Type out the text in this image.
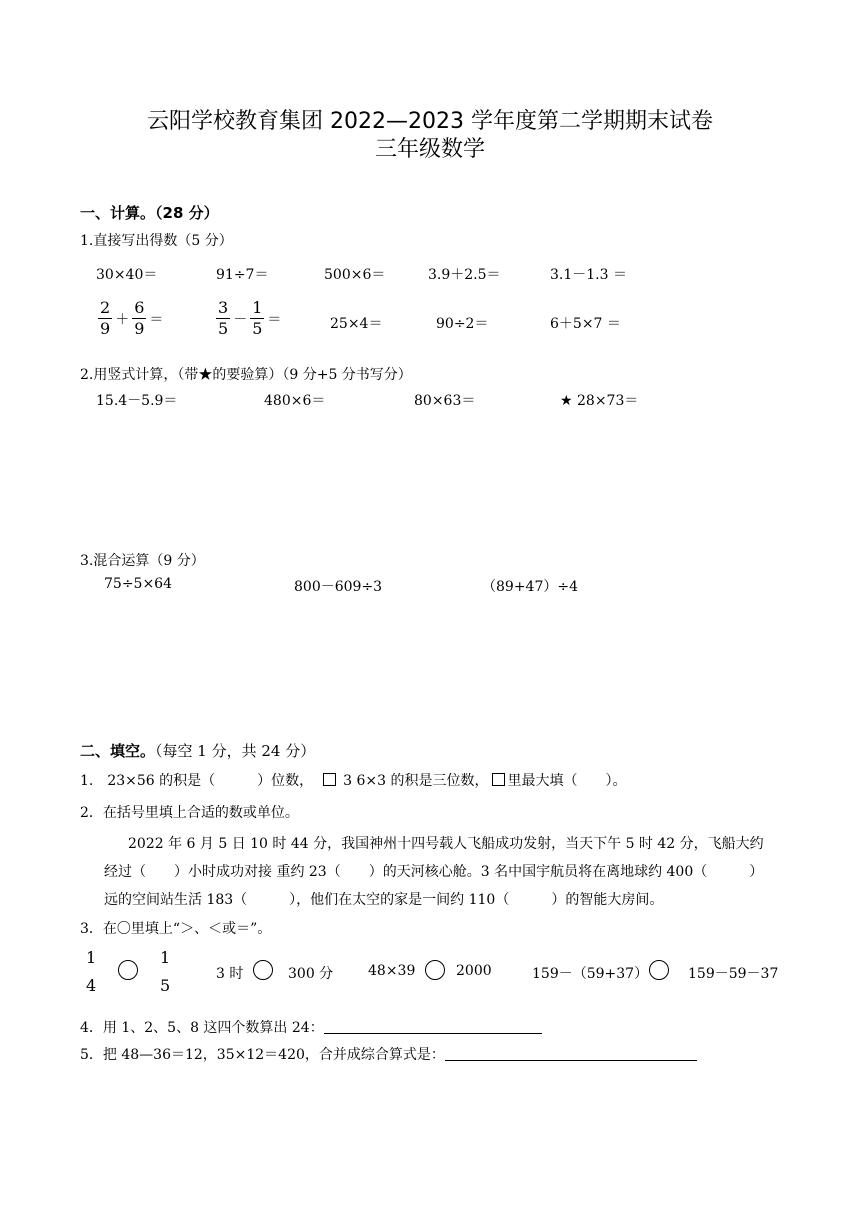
云阳学校教育集团 2022—2023 学年度第二学期期末试卷
三年级数学
一、计算。（28 分）
1.直接写出得数（5 分）
30×40＝	91÷7＝	500×6＝	3.9＋2.5＝	3.1－1.3 ＝
$\frac{2}{9} + \frac{6}{9}$ ＝	$\frac{3}{5} - \frac{1}{5}$ ＝	25×4＝	90÷2＝	6＋5×7 ＝
2.用竖式计算，（带★的要验算）（9 分+5 分书写分）
15.4－5.9＝	480×6＝	80×63＝	★ 28×73＝
3.混合运算（9 分）
75÷5×64	800－609÷3	（89+47）÷4
二、填空。（每空 1 分，共 24 分）
1.　23×56 的积是（　　　）位数， 3 6×3 的积是三位数， 里最大填（　　）。
2．在括号里填上合适的数或单位。
2022 年 6 月 5 日 10 时 44 分，我国神州十四号载人飞船成功发射，当天下午 5 时 42 分，飞船大约
经过（　　）小时成功对接 重约 23（　　）的天河核心舱。3 名中国宇航员将在离地球约 400（　　　）
远的空间站生活 183（　　　），他们在太空的家是一间约 110（　　　）的智能大房间。
3．在〇里填上“＞、＜或＝”。
1
4
1
5
3 时	300 分 48×39	2000	159－（59+37）	159－59－37
4．用 1、2、5、8 这四个数算出 24：
5．把 48—36＝12，35×12＝420，合并成综合算式是：
